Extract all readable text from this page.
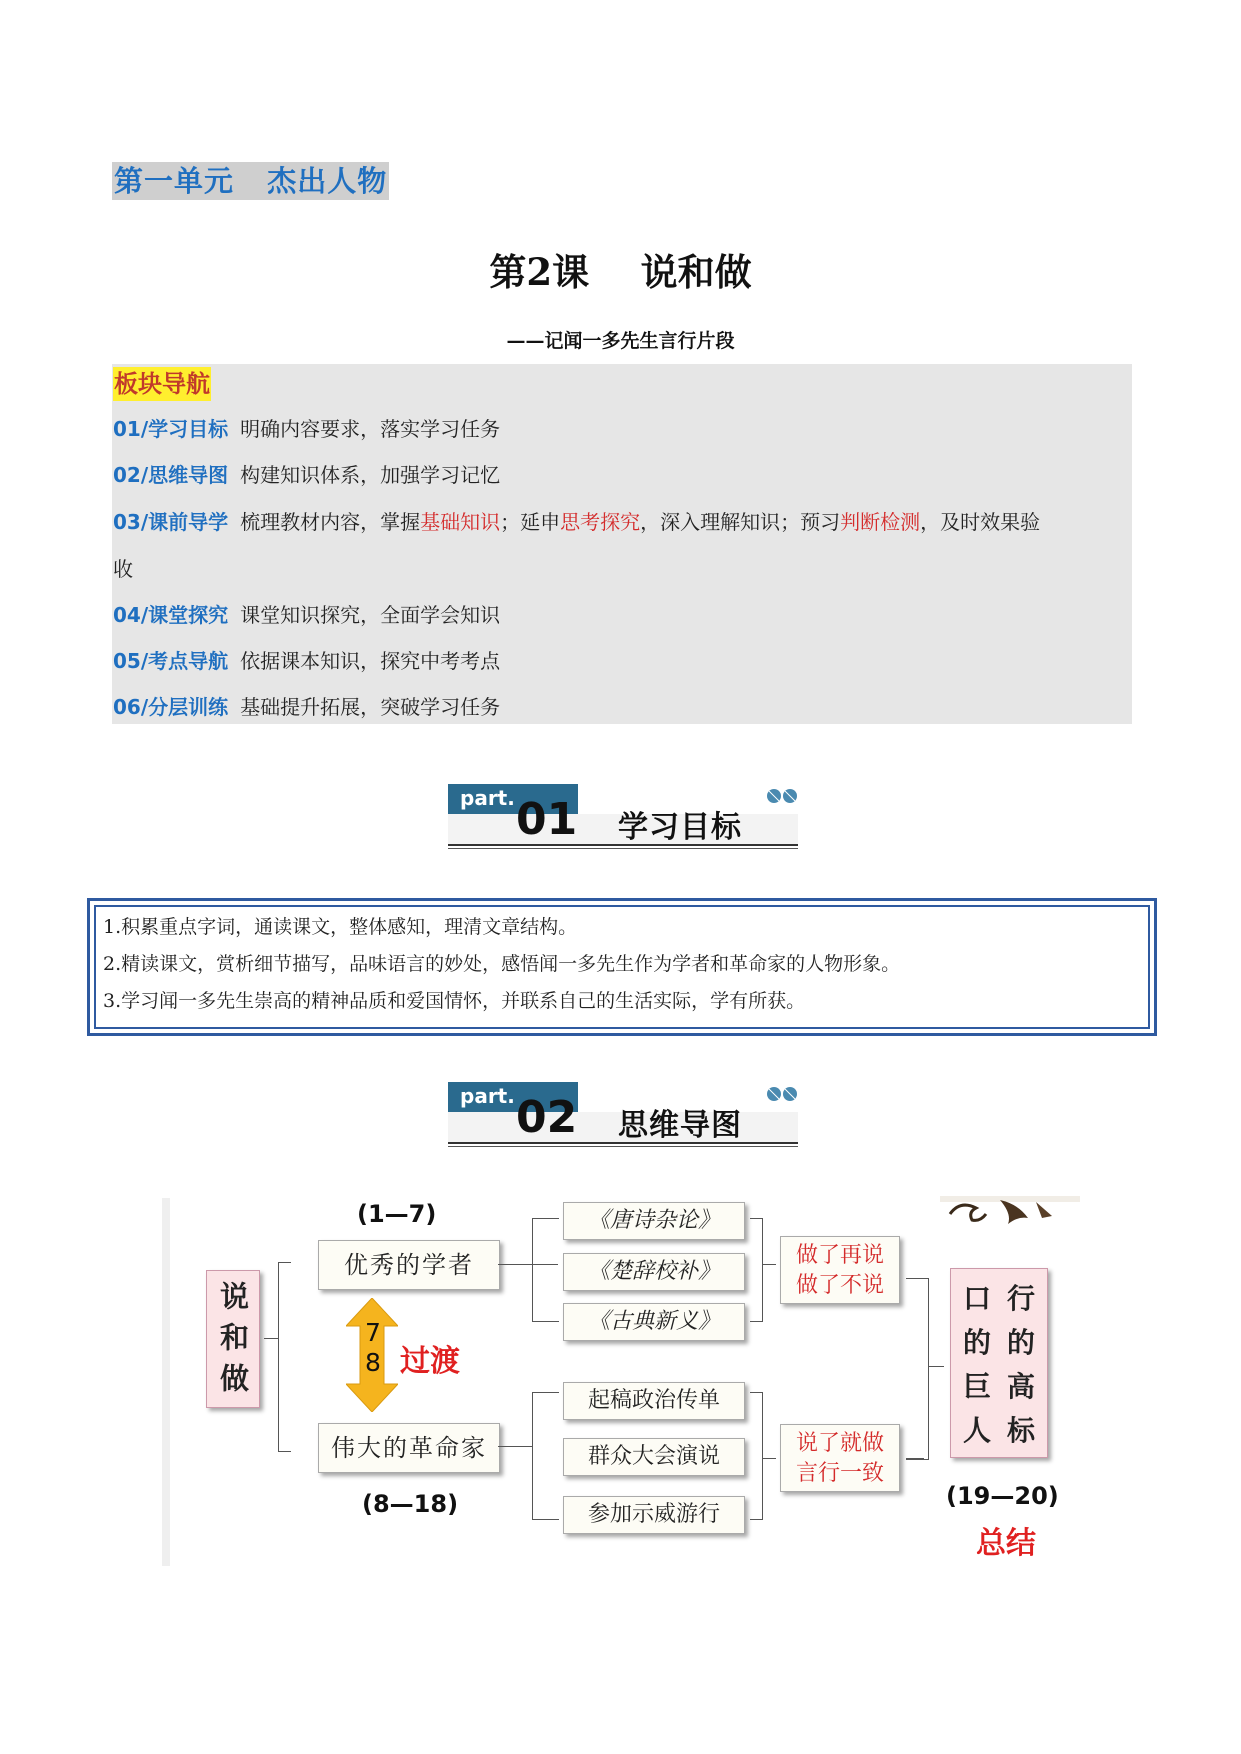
第一单元   杰出人物
第2课    说和做
——记闻一多先生言行片段
板块导航
01/学习目标 明确内容要求，落实学习任务
02/思维导图 构建知识体系，加强学习记忆
03/课前导学 梳理教材内容，掌握基础知识；延申思考探究，深入理解知识；预习判断检测，及时效果验
收
04/课堂探究 课堂知识探究，全面学会知识
05/考点导航 依据课本知识，探究中考考点
06/分层训练 基础提升拓展，突破学习任务
part. 01 学习目标
1.积累重点字词，通读课文，整体感知，理清文章结构。
2.精读课文，赏析细节描写，品味语言的妙处，感悟闻一多先生作为学者和革命家的人物形象。
3.学习闻一多先生崇高的精神品质和爱国情怀，并联系自己的生活实际，学有所获。
part. 02 思维导图
说和做
(1—7)
优秀的学者
伟大的革命家
(8—18)
7 8 过渡
《唐诗杂论》
《楚辞校补》
《古典新义》
做了再说
做了不说
起稿政治传单
群众大会演说
参加示威游行
说了就做
言行一致
口的巨人
行的高标
(19—20)
总结
